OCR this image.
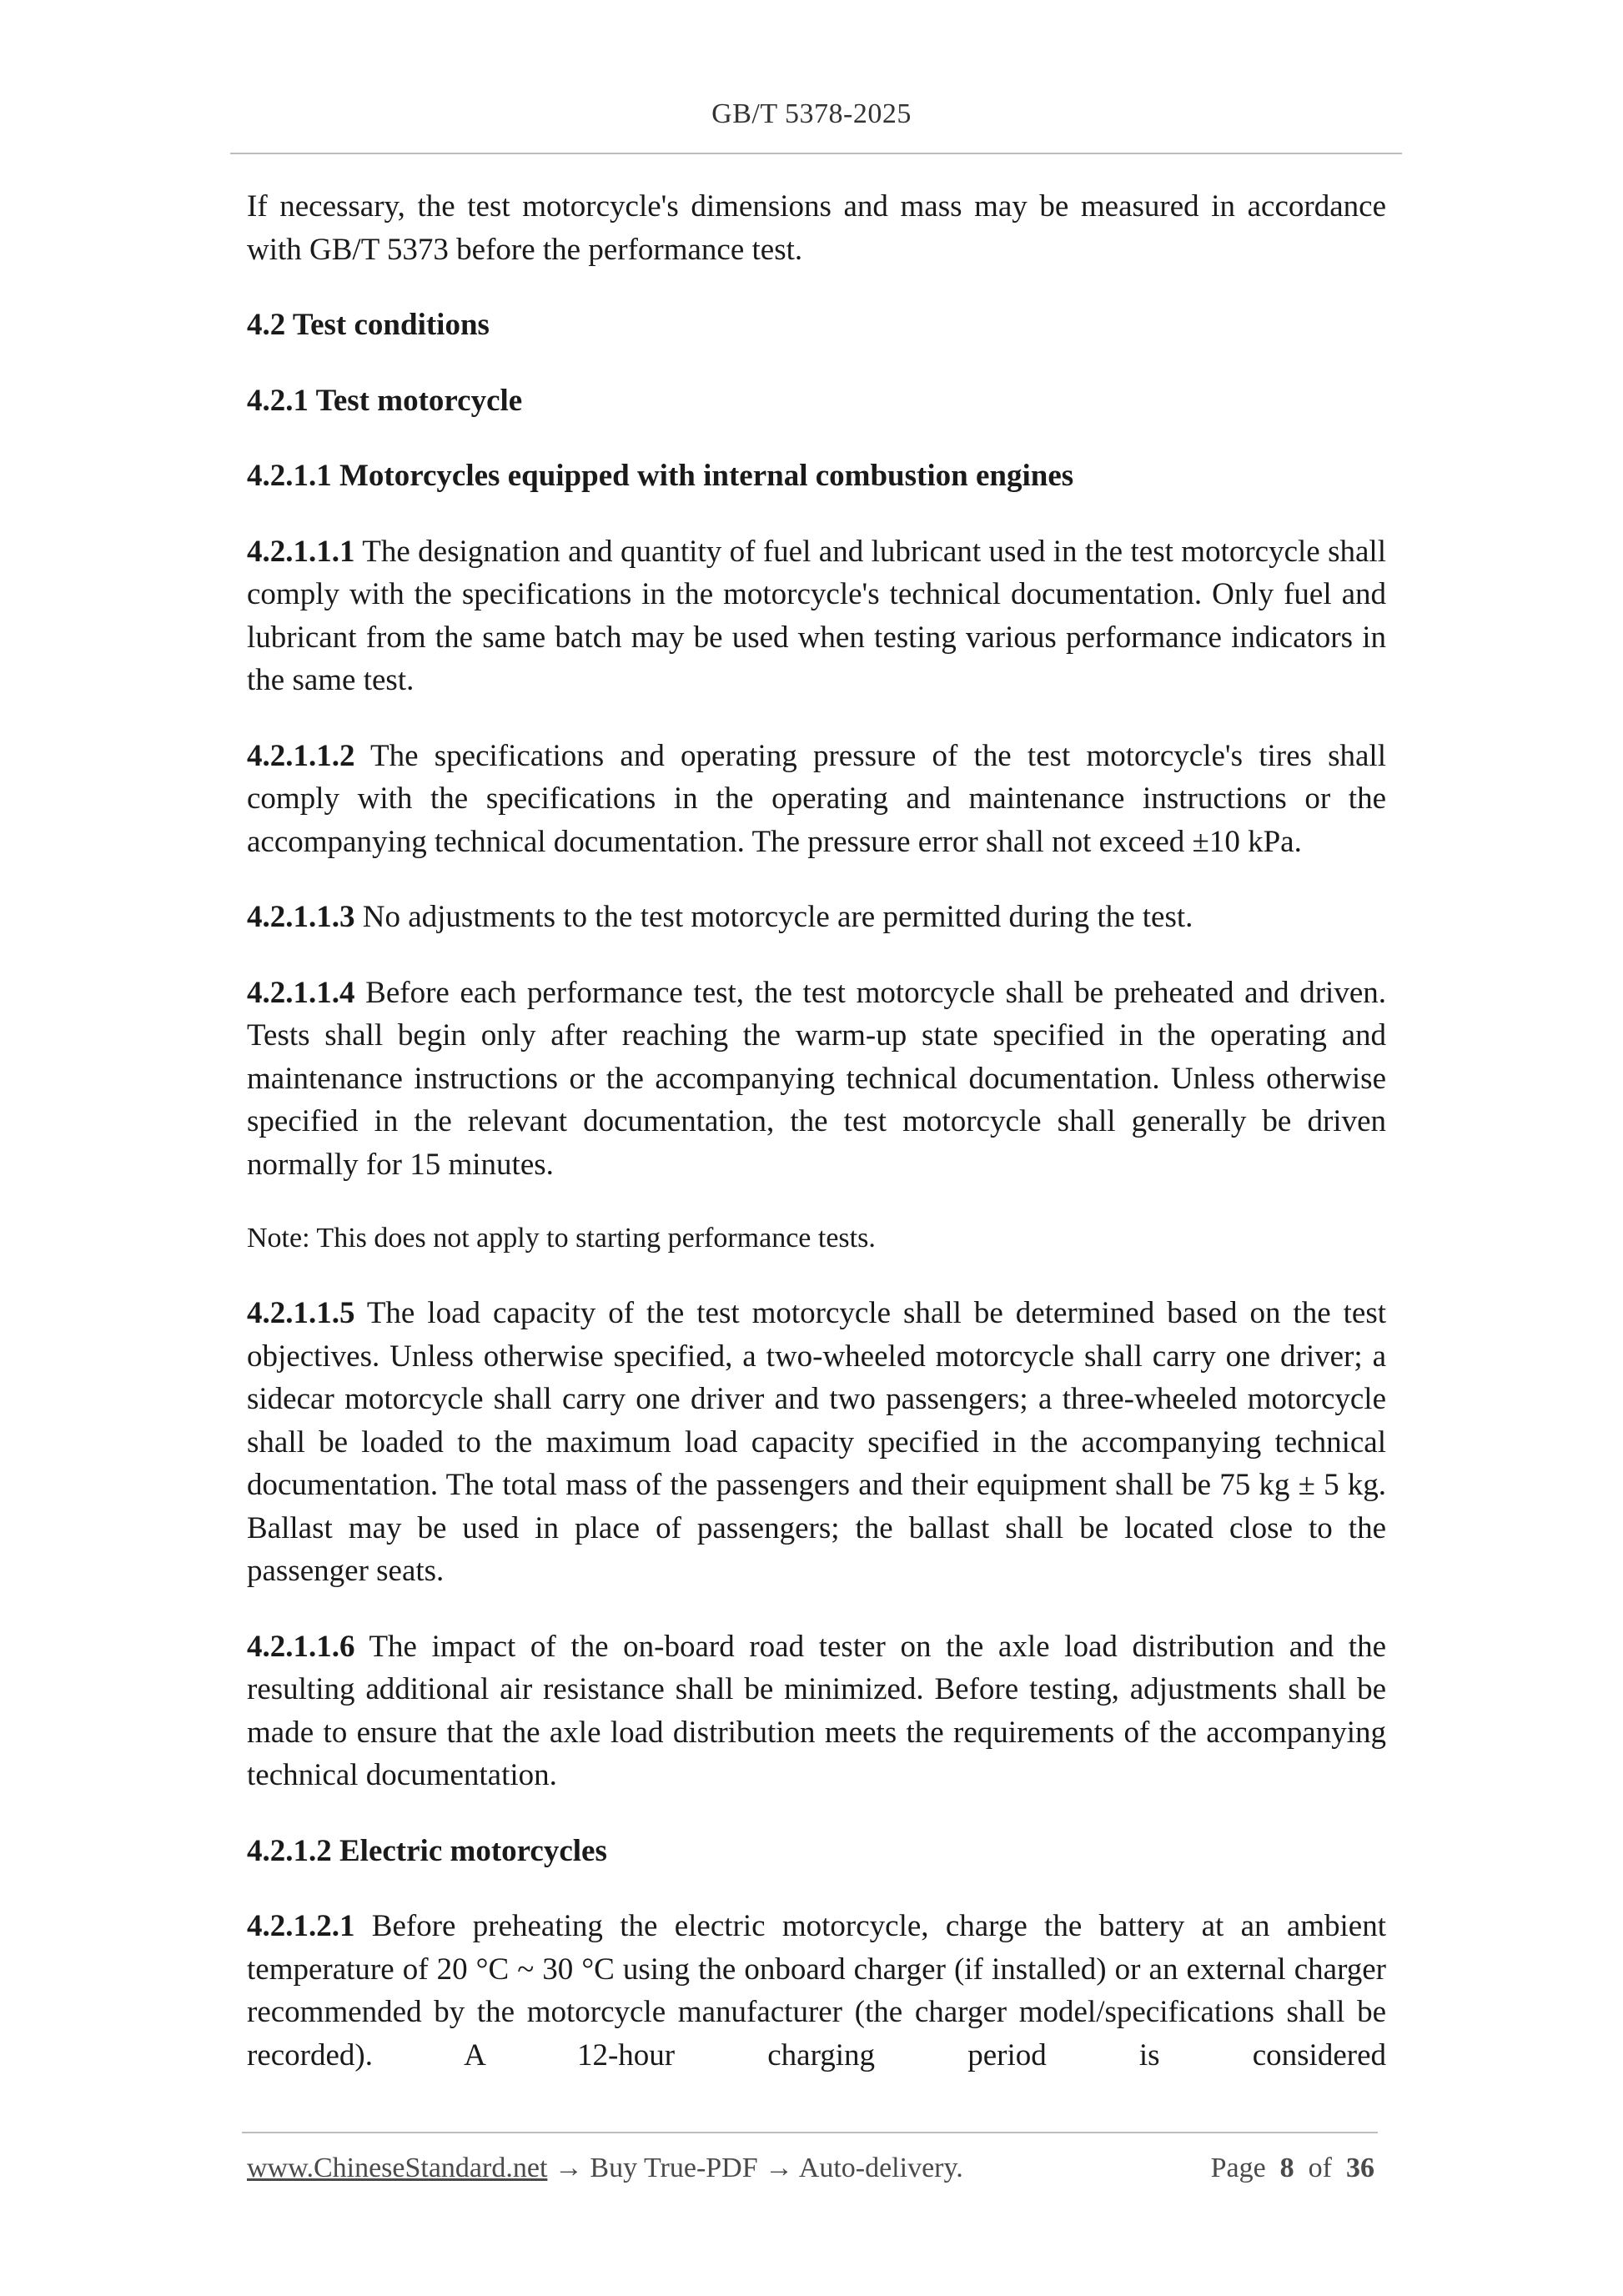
GB/T 5378-2025

If necessary, the test motorcycle's dimensions and mass may be measured in accordance with GB/T 5373 before the performance test.

4.2 Test conditions

4.2.1 Test motorcycle

4.2.1.1 Motorcycles equipped with internal combustion engines

4.2.1.1.1 The designation and quantity of fuel and lubricant used in the test motorcycle shall comply with the specifications in the motorcycle's technical documentation. Only fuel and lubricant from the same batch may be used when testing various performance indicators in the same test.

4.2.1.1.2 The specifications and operating pressure of the test motorcycle's tires shall comply with the specifications in the operating and maintenance instructions or the accompanying technical documentation. The pressure error shall not exceed ±10 kPa.

4.2.1.1.3 No adjustments to the test motorcycle are permitted during the test.

4.2.1.1.4 Before each performance test, the test motorcycle shall be preheated and driven. Tests shall begin only after reaching the warm-up state specified in the operating and maintenance instructions or the accompanying technical documentation. Unless otherwise specified in the relevant documentation, the test motorcycle shall generally be driven normally for 15 minutes.

Note: This does not apply to starting performance tests.

4.2.1.1.5 The load capacity of the test motorcycle shall be determined based on the test objectives. Unless otherwise specified, a two-wheeled motorcycle shall carry one driver; a sidecar motorcycle shall carry one driver and two passengers; a three-wheeled motorcycle shall be loaded to the maximum load capacity specified in the accompanying technical documentation. The total mass of the passengers and their equipment shall be 75 kg ± 5 kg. Ballast may be used in place of passengers; the ballast shall be located close to the passenger seats.

4.2.1.1.6 The impact of the on-board road tester on the axle load distribution and the resulting additional air resistance shall be minimized. Before testing, adjustments shall be made to ensure that the axle load distribution meets the requirements of the accompanying technical documentation.

4.2.1.2 Electric motorcycles

4.2.1.2.1 Before preheating the electric motorcycle, charge the battery at an ambient temperature of 20 °C ~ 30 °C using the onboard charger (if installed) or an external charger recommended by the motorcycle manufacturer (the charger model/specifications shall be recorded). A 12-hour charging period is considered

www.ChineseStandard.net → Buy True-PDF → Auto-delivery.	Page 8 of 36
